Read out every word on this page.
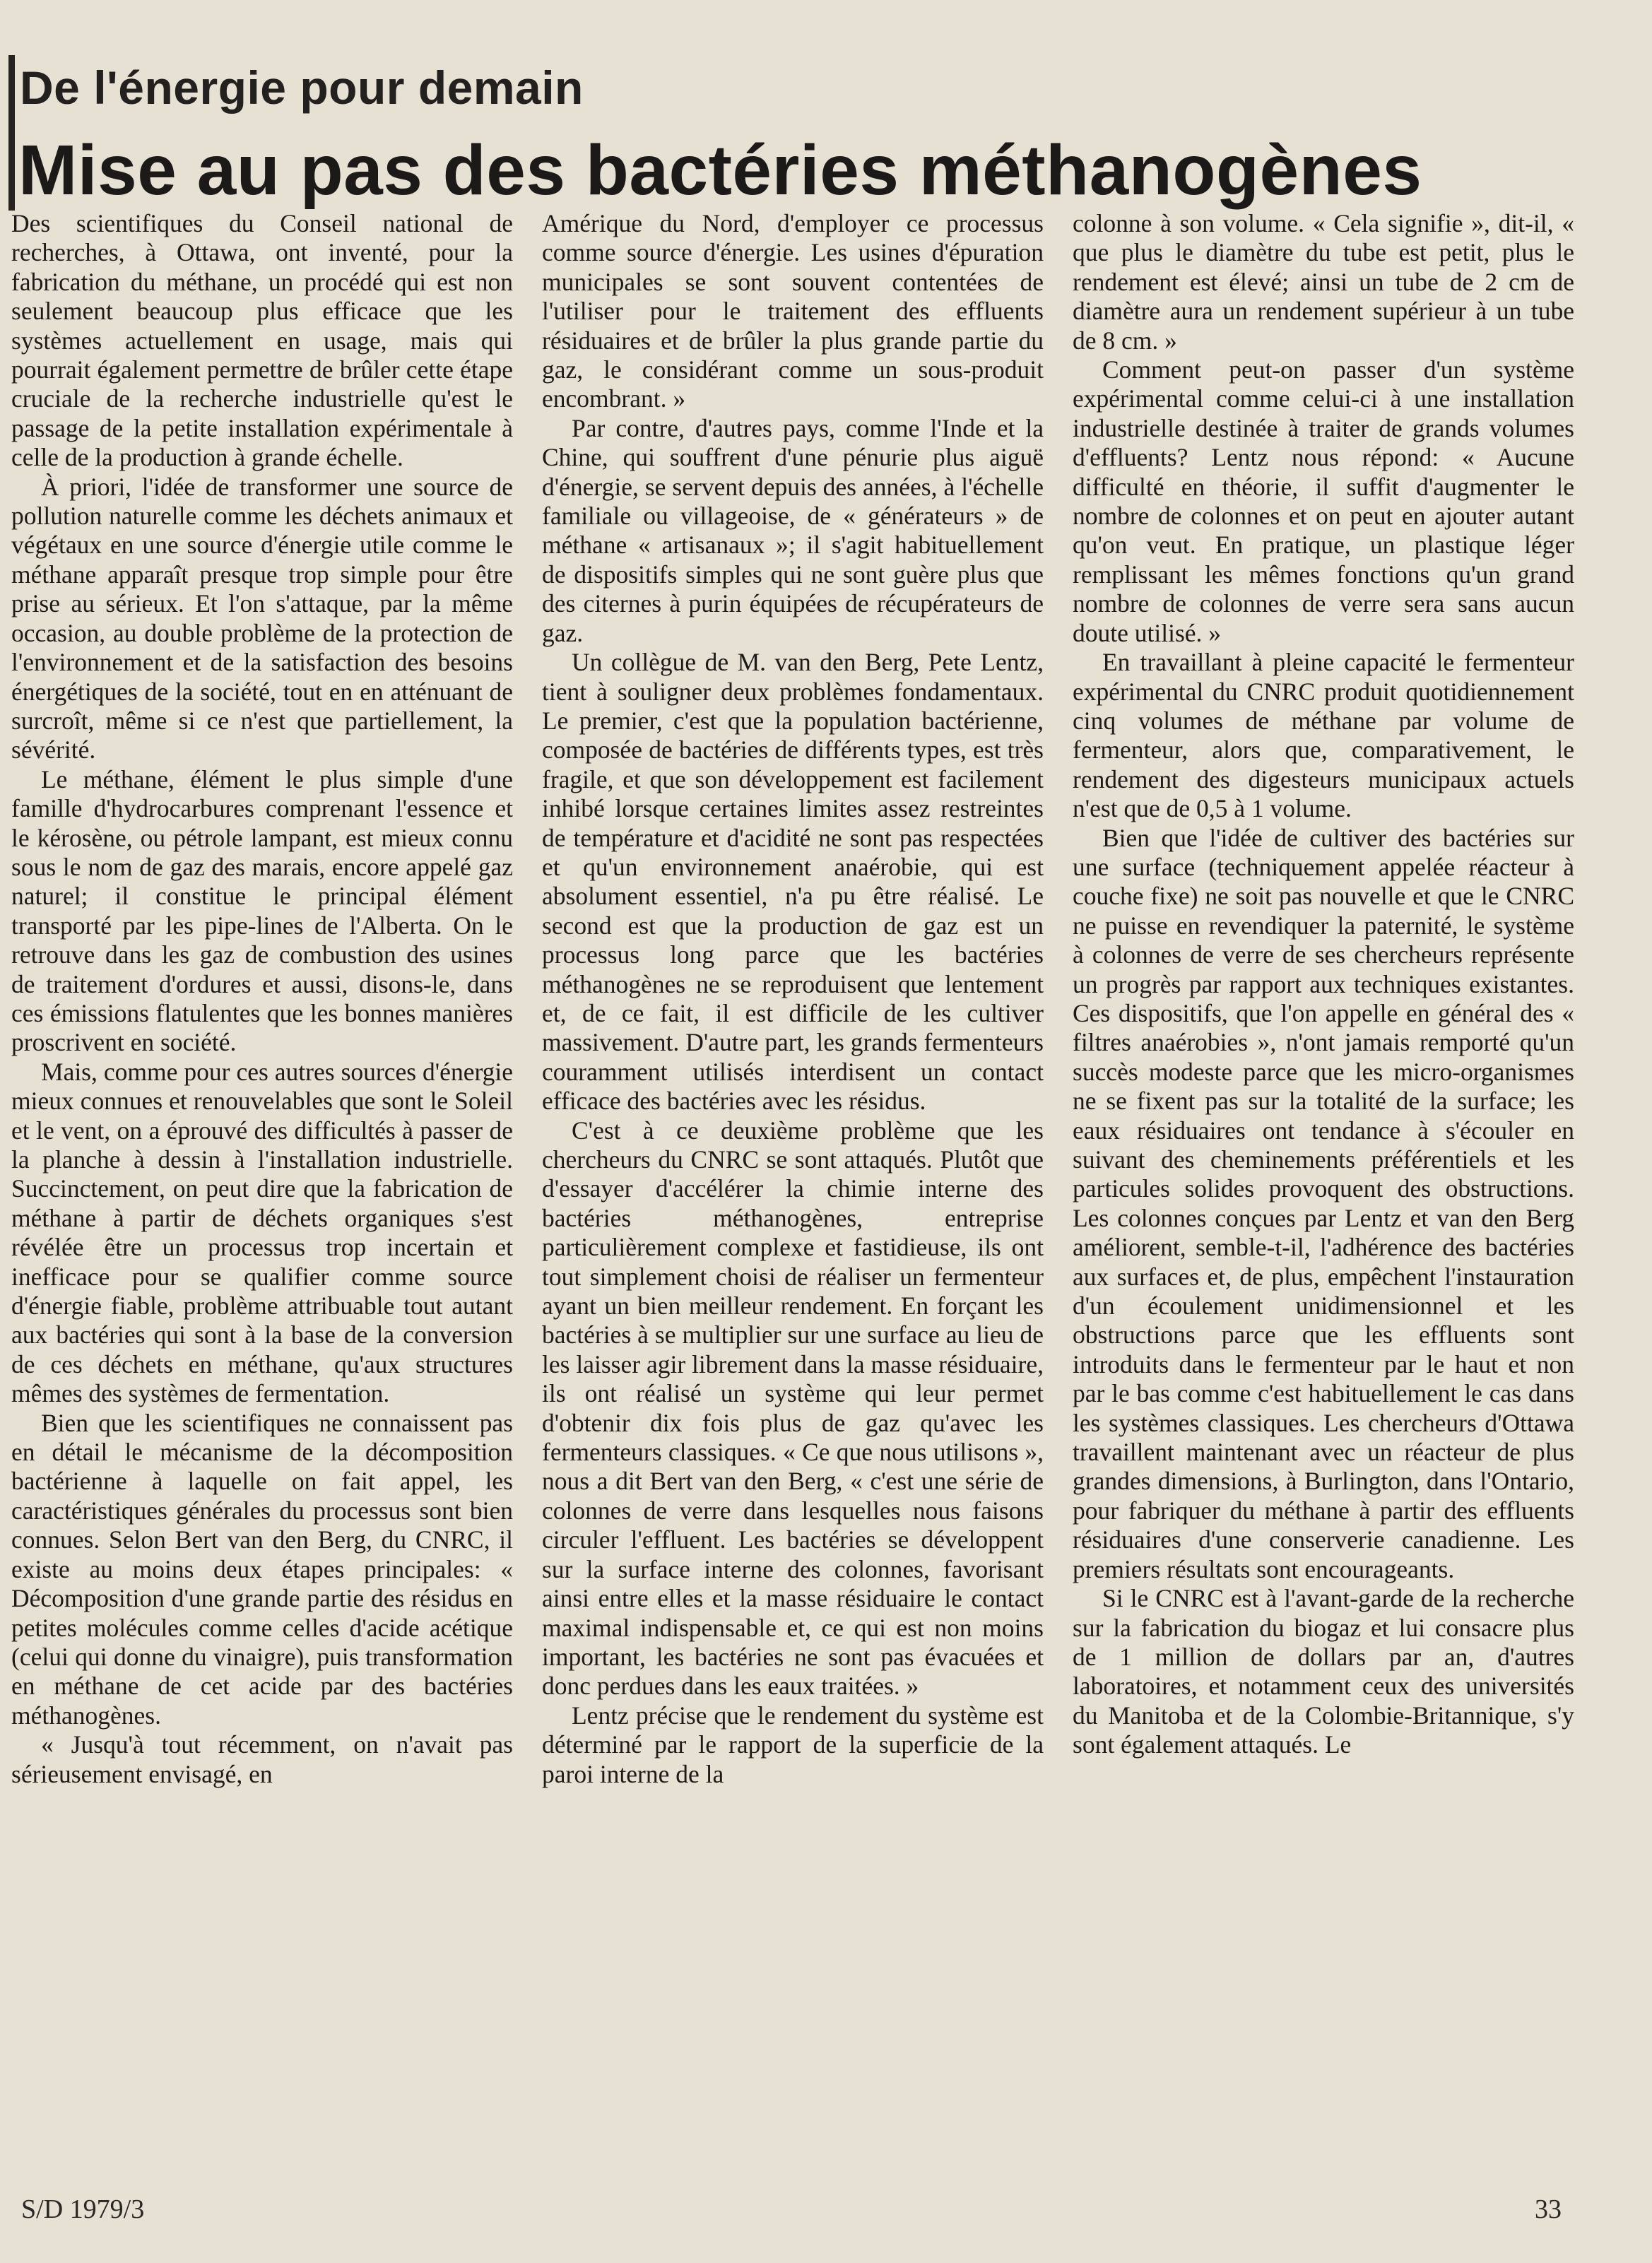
De l'énergie pour demain
Mise au pas des bactéries méthanogènes

Des scientifiques du Conseil national de recherches, à Ottawa, ont inventé, pour la fabrication du méthane, un procédé qui est non seulement beaucoup plus efficace que les systèmes actuellement en usage, mais qui pourrait également permettre de brûler cette étape cruciale de la recherche industrielle qu'est le passage de la petite installation expérimentale à celle de la production à grande échelle.

À priori, l'idée de transformer une source de pollution naturelle comme les déchets animaux et végétaux en une source d'énergie utile comme le méthane apparaît presque trop simple pour être prise au sérieux. Et l'on s'attaque, par la même occasion, au double problème de la protection de l'environnement et de la satisfaction des besoins énergétiques de la société, tout en en atténuant de surcroît, même si ce n'est que partiellement, la sévérité.

Le méthane, élément le plus simple d'une famille d'hydrocarbures comprenant l'essence et le kérosène, ou pétrole lampant, est mieux connu sous le nom de gaz des marais, encore appelé gaz naturel; il constitue le principal élément transporté par les pipe-lines de l'Alberta. On le retrouve dans les gaz de combustion des usines de traitement d'ordures et aussi, disons-le, dans ces émissions flatulentes que les bonnes manières proscrivent en société.

Mais, comme pour ces autres sources d'énergie mieux connues et renouvelables que sont le Soleil et le vent, on a éprouvé des difficultés à passer de la planche à dessin à l'installation industrielle. Succinctement, on peut dire que la fabrication de méthane à partir de déchets organiques s'est révélée être un processus trop incertain et inefficace pour se qualifier comme source d'énergie fiable, problème attribuable tout autant aux bactéries qui sont à la base de la conversion de ces déchets en méthane, qu'aux structures mêmes des systèmes de fermentation.

Bien que les scientifiques ne connaissent pas en détail le mécanisme de la décomposition bactérienne à laquelle on fait appel, les caractéristiques générales du processus sont bien connues. Selon Bert van den Berg, du CNRC, il existe au moins deux étapes principales: « Décomposition d'une grande partie des résidus en petites molécules comme celles d'acide acétique (celui qui donne du vinaigre), puis transformation en méthane de cet acide par des bactéries méthanogènes.

« Jusqu'à tout récemment, on n'avait pas sérieusement envisagé, en

Amérique du Nord, d'employer ce processus comme source d'énergie. Les usines d'épuration municipales se sont souvent contentées de l'utiliser pour le traitement des effluents résiduaires et de brûler la plus grande partie du gaz, le considérant comme un sous-produit encombrant. »

Par contre, d'autres pays, comme l'Inde et la Chine, qui souffrent d'une pénurie plus aiguë d'énergie, se servent depuis des années, à l'échelle familiale ou villageoise, de « générateurs » de méthane « artisanaux »; il s'agit habituellement de dispositifs simples qui ne sont guère plus que des citernes à purin équipées de récupérateurs de gaz.

Un collègue de M. van den Berg, Pete Lentz, tient à souligner deux problèmes fondamentaux. Le premier, c'est que la population bactérienne, composée de bactéries de différents types, est très fragile, et que son développement est facilement inhibé lorsque certaines limites assez restreintes de température et d'acidité ne sont pas respectées et qu'un environnement anaérobie, qui est absolument essentiel, n'a pu être réalisé. Le second est que la production de gaz est un processus long parce que les bactéries méthanogènes ne se reproduisent que lentement et, de ce fait, il est difficile de les cultiver massivement. D'autre part, les grands fermenteurs couramment utilisés interdisent un contact efficace des bactéries avec les résidus.

C'est à ce deuxième problème que les chercheurs du CNRC se sont attaqués. Plutôt que d'essayer d'accélérer la chimie interne des bactéries méthanogènes, entreprise particulièrement complexe et fastidieuse, ils ont tout simplement choisi de réaliser un fermenteur ayant un bien meilleur rendement. En forçant les bactéries à se multiplier sur une surface au lieu de les laisser agir librement dans la masse résiduaire, ils ont réalisé un système qui leur permet d'obtenir dix fois plus de gaz qu'avec les fermenteurs classiques. « Ce que nous utilisons », nous a dit Bert van den Berg, « c'est une série de colonnes de verre dans lesquelles nous faisons circuler l'effluent. Les bactéries se développent sur la surface interne des colonnes, favorisant ainsi entre elles et la masse résiduaire le contact maximal indispensable et, ce qui est non moins important, les bactéries ne sont pas évacuées et donc perdues dans les eaux traitées. »

Lentz précise que le rendement du système est déterminé par le rapport de la superficie de la paroi interne de la

colonne à son volume. « Cela signifie », dit-il, « que plus le diamètre du tube est petit, plus le rendement est élevé; ainsi un tube de 2 cm de diamètre aura un rendement supérieur à un tube de 8 cm. »

Comment peut-on passer d'un système expérimental comme celui-ci à une installation industrielle destinée à traiter de grands volumes d'effluents? Lentz nous répond: « Aucune difficulté en théorie, il suffit d'augmenter le nombre de colonnes et on peut en ajouter autant qu'on veut. En pratique, un plastique léger remplissant les mêmes fonctions qu'un grand nombre de colonnes de verre sera sans aucun doute utilisé. »

En travaillant à pleine capacité le fermenteur expérimental du CNRC produit quotidiennement cinq volumes de méthane par volume de fermenteur, alors que, comparativement, le rendement des digesteurs municipaux actuels n'est que de 0,5 à 1 volume.

Bien que l'idée de cultiver des bactéries sur une surface (techniquement appelée réacteur à couche fixe) ne soit pas nouvelle et que le CNRC ne puisse en revendiquer la paternité, le système à colonnes de verre de ses chercheurs représente un progrès par rapport aux techniques existantes. Ces dispositifs, que l'on appelle en général des « filtres anaérobies », n'ont jamais remporté qu'un succès modeste parce que les micro-organismes ne se fixent pas sur la totalité de la surface; les eaux résiduaires ont tendance à s'écouler en suivant des cheminements préférentiels et les particules solides provoquent des obstructions. Les colonnes conçues par Lentz et van den Berg améliorent, semble-t-il, l'adhérence des bactéries aux surfaces et, de plus, empêchent l'instauration d'un écoulement unidimensionnel et les obstructions parce que les effluents sont introduits dans le fermenteur par le haut et non par le bas comme c'est habituellement le cas dans les systèmes classiques. Les chercheurs d'Ottawa travaillent maintenant avec un réacteur de plus grandes dimensions, à Burlington, dans l'Ontario, pour fabriquer du méthane à partir des effluents résiduaires d'une conserverie canadienne. Les premiers résultats sont encourageants.

Si le CNRC est à l'avant-garde de la recherche sur la fabrication du biogaz et lui consacre plus de 1 million de dollars par an, d'autres laboratoires, et notamment ceux des universités du Manitoba et de la Colombie-Britannique, s'y sont également attaqués. Le

S/D 1979/3	33
